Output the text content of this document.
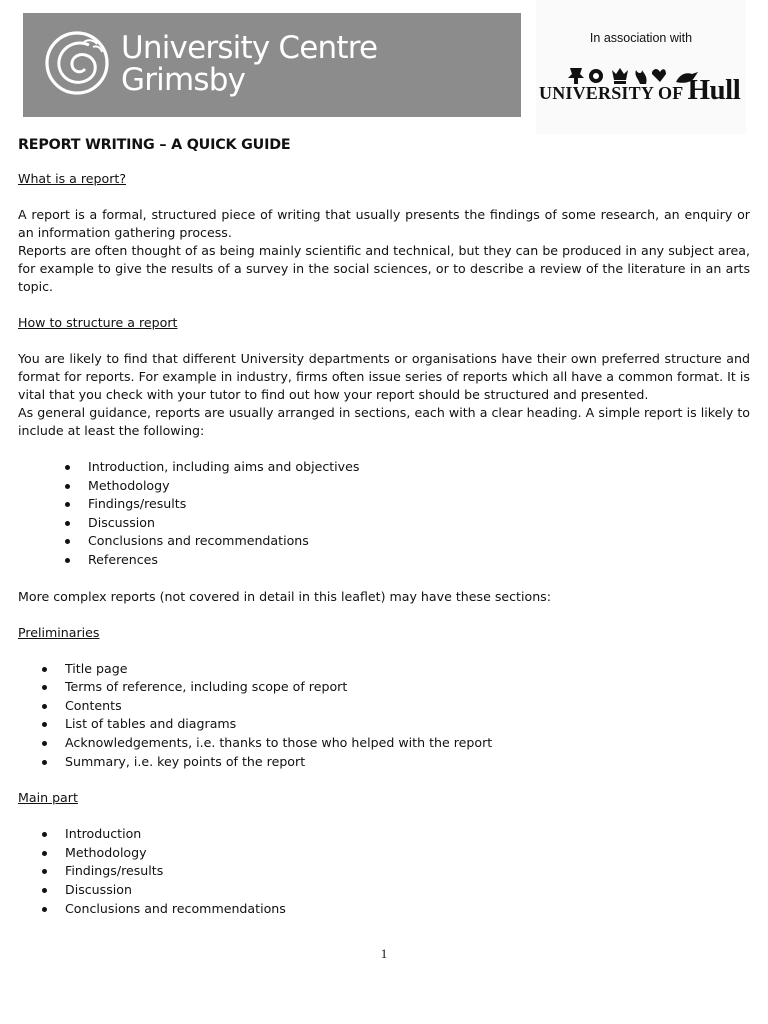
University Centre
Grimsby
In association with
UNIVERSITY OF Hull
REPORT WRITING – A QUICK GUIDE

What is a report?

A report is a formal, structured piece of writing that usually presents the findings of some research, an enquiry or an information gathering process.

Reports are often thought of as being mainly scientific and technical, but they can be produced in any subject area, for example to give the results of a survey in the social sciences, or to describe a review of the literature in an arts topic.

How to structure a report

You are likely to find that different University departments or organisations have their own preferred structure and format for reports. For example in industry, firms often issue series of reports which all have a common format. It is vital that you check with your tutor to find out how your report should be structured and presented.

As general guidance, reports are usually arranged in sections, each with a clear heading. A simple report is likely to include at least the following:

Introduction, including aims and objectives
Methodology
Findings/results
Discussion
Conclusions and recommendations
References

More complex reports (not covered in detail in this leaflet) may have these sections:

Preliminaries

Title page
Terms of reference, including scope of report
Contents
List of tables and diagrams
Acknowledgements, i.e. thanks to those who helped with the report
Summary, i.e. key points of the report

Main part

Introduction
Methodology
Findings/results
Discussion
Conclusions and recommendations
1
